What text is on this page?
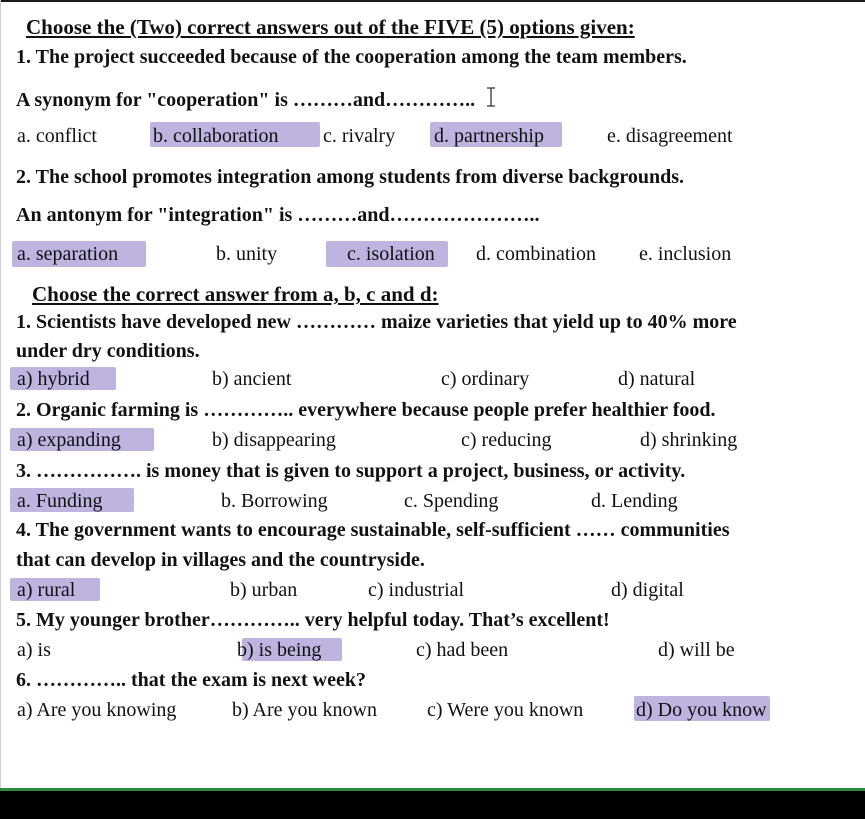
Choose the (Two) correct answers out of the FIVE (5) options given:
1. The project succeeded because of the cooperation among the team members.
A synonym for "cooperation" is ………and…………..
a. conflict	b. collaboration c. rivalry d. partnership	e. disagreement
2. The school promotes integration among students from diverse backgrounds.
An antonym for "integration" is ………and…………………..
a. separation	b. unity	c. isolation d. combination e. inclusion
Choose the correct answer from a, b, c and d:
1. Scientists have developed new ………… maize varieties that yield up to 40% more
under dry conditions.
a) hybrid	b) ancient	c) ordinary	d) natural
2. Organic farming is ………….. everywhere because people prefer healthier food.
a) expanding	b) disappearing	c) reducing	d) shrinking
3. ……………. is money that is given to support a project, business, or activity.
a. Funding	b. Borrowing	c. Spending	d. Lending
4. The government wants to encourage sustainable, self-sufficient …… communities
that can develop in villages and the countryside.
a) rural	b) urban	c) industrial	d) digital
5. My younger brother………….. very helpful today. That’s excellent!
a) is	b) is being	c) had been	d) will be
6. ………….. that the exam is next week?
a) Are you knowing	b) Are you known	c) Were you known	d) Do you know
